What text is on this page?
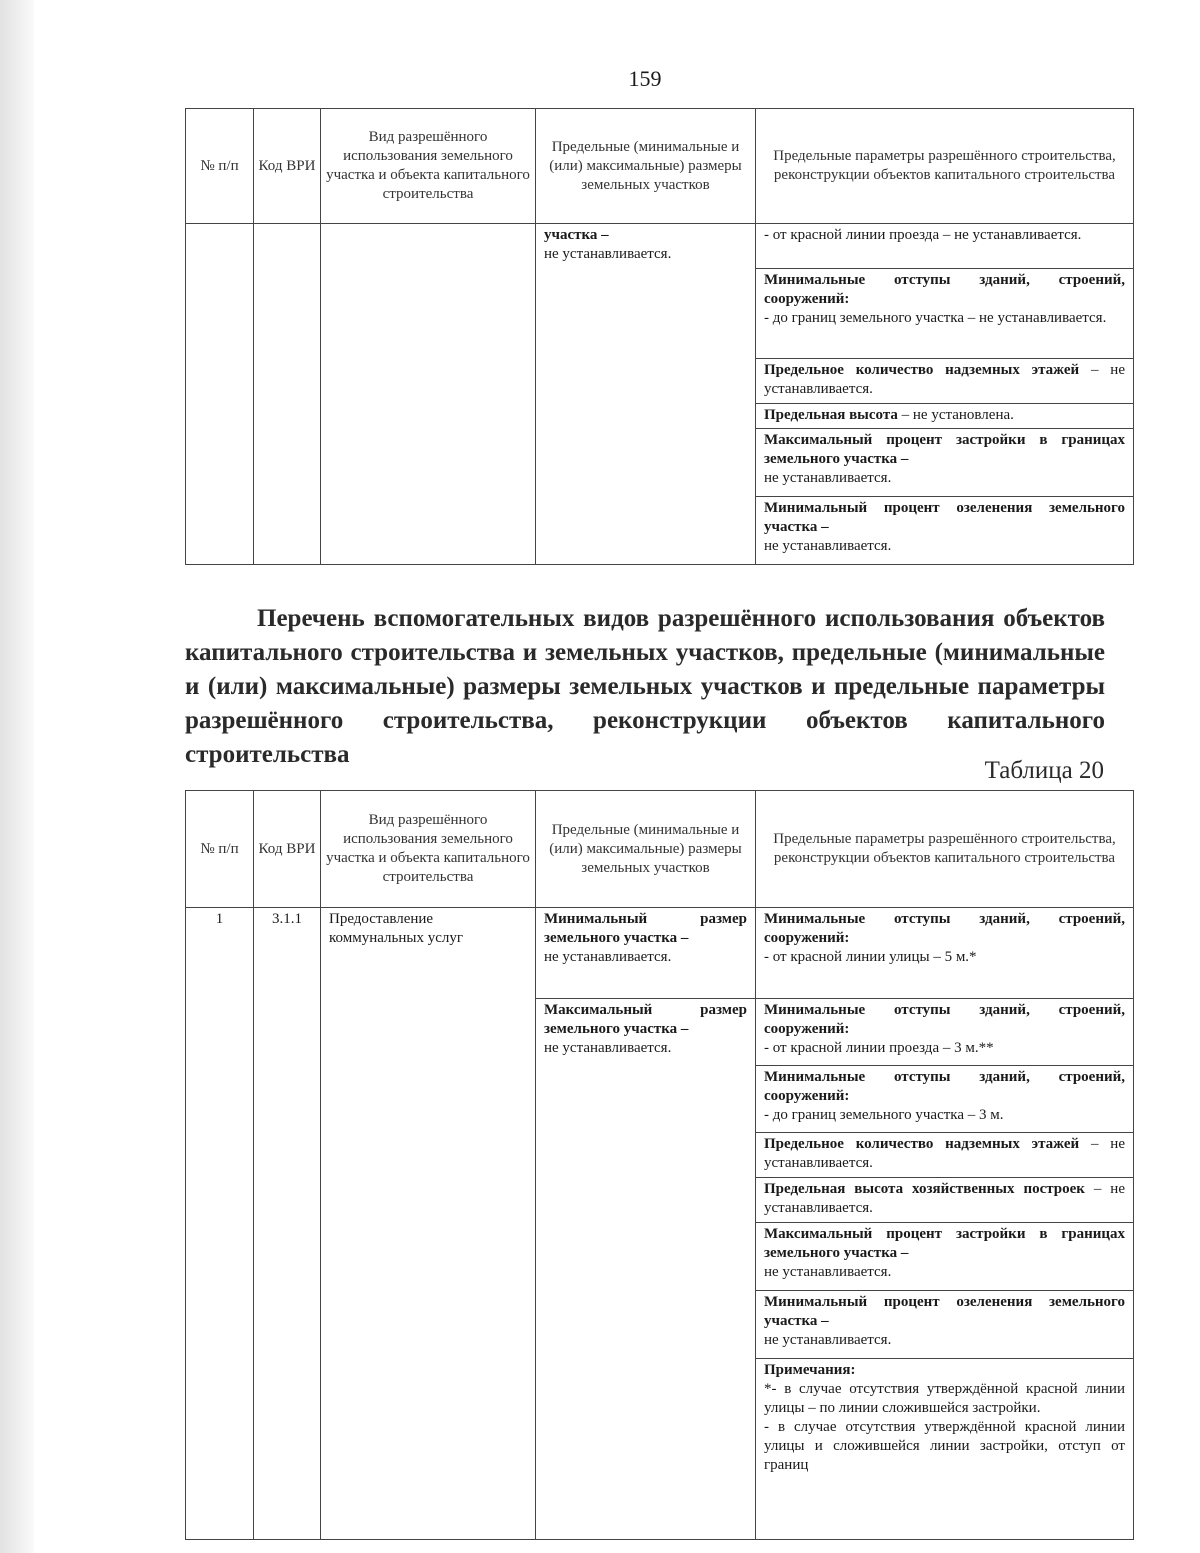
159
№ п/п	Код ВРИ	Вид разрешённого использования земельного участка и объекта капитального строительства	Предельные (минимальные и (или) максимальные) размеры земельных участков	Предельные параметры разрешённого строительства, реконструкции объектов капитального строительства
			участка –
не устанавливается.	- от красной линии проезда – не устанавливается.
				Минимальные отступы зданий, строений, сооружений:
- до границ земельного участка – не устанавливается.
				Предельное количество надземных этажей – не устанавливается.
				Предельная высота – не установлена.
				Максимальный процент застройки в границах земельного участка –
не устанавливается.
				Минимальный процент озеленения земельного участка –
не устанавливается.
Перечень вспомогательных видов разрешённого использования объектов капитального строительства и земельных участков, предельные (минимальные и (или) максимальные) размеры земельных участков и предельные параметры разрешённого строительства, реконструкции объектов капитального строительства
Таблица 20
№ п/п	Код ВРИ	Вид разрешённого использования земельного участка и объекта капитального строительства	Предельные (минимальные и (или) максимальные) размеры земельных участков	Предельные параметры разрешённого строительства, реконструкции объектов капитального строительства
1	3.1.1	Предоставление коммунальных услуг	Минимальный размер земельного участка –
не устанавливается.	Минимальные отступы зданий, строений, сооружений:
- от красной линии улицы – 5 м.*
			Максимальный размер земельного участка –
не устанавливается.	Минимальные отступы зданий, строений, сооружений:
- от красной линии проезда – 3 м.**
				Минимальные отступы зданий, строений, сооружений:
- до границ земельного участка – 3 м.
				Предельное количество надземных этажей – не устанавливается.
				Предельная высота хозяйственных построек – не устанавливается.
				Максимальный процент застройки в границах земельного участка –
не устанавливается.
				Минимальный процент озеленения земельного участка –
не устанавливается.
				Примечания:
*- в случае отсутствия утверждённой красной линии улицы – по линии сложившейся застройки.
- в случае отсутствия утверждённой красной линии улицы и сложившейся линии застройки, отступ от границ
